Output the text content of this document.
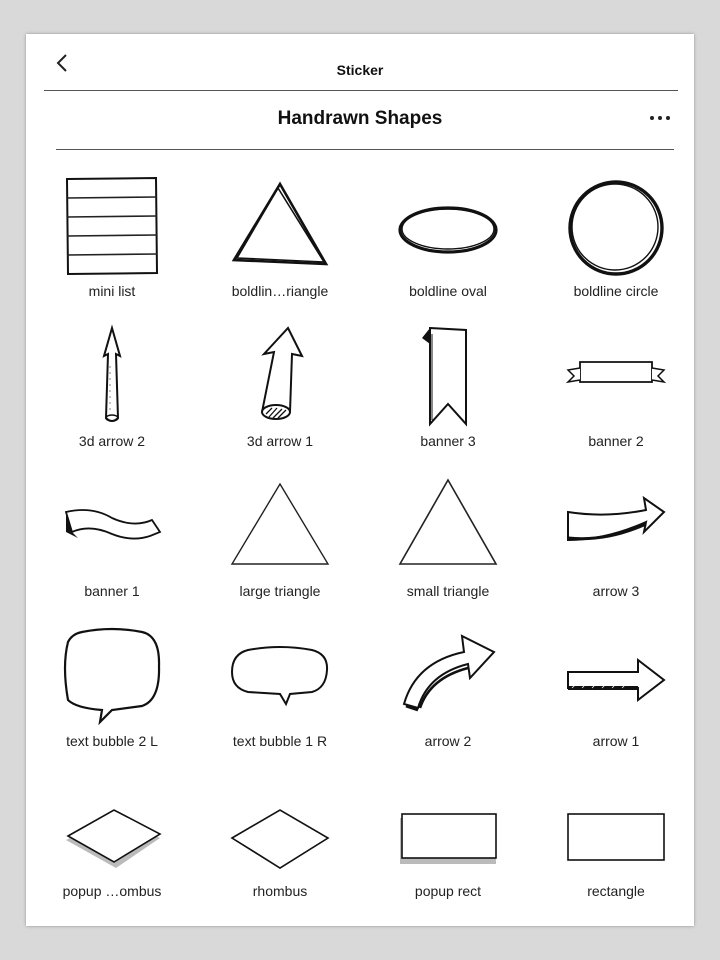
Sticker
Handrawn Shapes
mini list	boldlin…riangle	boldline oval	boldline circle
3d arrow 2	3d arrow 1	banner 3	banner 2
banner 1	large triangle	small triangle	arrow 3
text bubble 2 L	text bubble 1 R	arrow 2	arrow 1
popup …ombus	rhombus	popup rect	rectangle
